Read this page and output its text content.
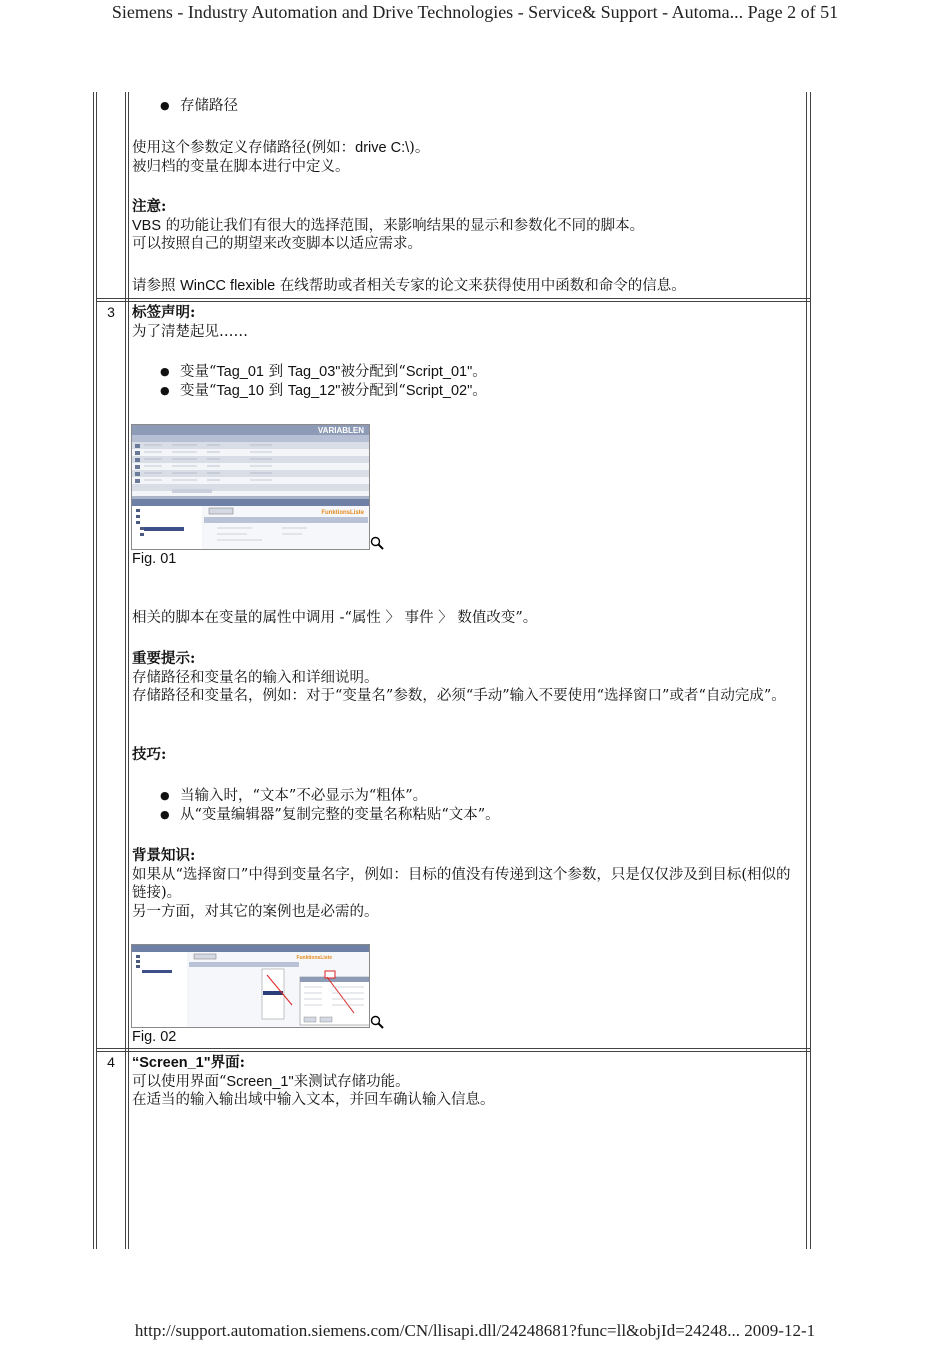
Siemens - Industry Automation and Drive Technologies - Service& Support - Automa... Page 2 of 51
http://support.automation.siemens.com/CN/llisapi.dll/24248681?func=ll&objId=24248... 2009-12-1
● 存储路径

使用这个参数定义存储路径(例如：drive C:\)。

被归档的变量在脚本进行中定义。

注意:

VBS 的功能让我们有很大的选择范围，来影响结果的显示和参数化不同的脚本。

可以按照自己的期望来改变脚本以适应需求。

请参照 WinCC flexible 在线帮助或者相关专家的论文来获得使用中函数和命令的信息。

3	标签声明:

为了清楚起见……

● 变量“Tag_01 到 Tag_03"被分配到“Script_01"。
● 变量“Tag_10 到 Tag_12"被分配到“Script_02"。
VARIABLEN
FunktionsListe
Fig. 01

相关的脚本在变量的属性中调用 -“属性 〉 事件 〉 数值改变”。

重要提示:

存储路径和变量名的输入和详细说明。

存储路径和变量名，例如：对于“变量名”参数，必须“手动”输入不要使用“选择窗口”或者“自动完成”。

技巧:

● 当输入时，“文本”不必显示为“粗体”。
● 从“变量编辑器”复制完整的变量名称粘贴“文本”。

背景知识:

如果从“选择窗口”中得到变量名字，例如：目标的值没有传递到这个参数，只是仅仅涉及到目标(相似的链接)。

另一方面，对其它的案例也是必需的。

FunktionsListe
Fig. 02
4	“Screen_1"界面:

可以使用界面“Screen_1"来测试存储功能。

在适当的输入输出域中输入文本，并回车确认输入信息。
